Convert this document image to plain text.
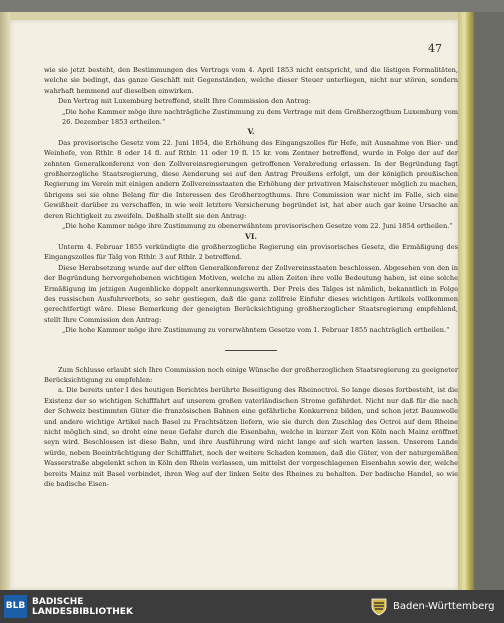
47

wie sie jetzt besteht, den Bestimmungen des Vertrags vom 4. April 1853 nicht entspricht, und die lästigen Formalitäten, welche sie bedingt, das ganze Geschäft mit Gegenständen, welche dieser Steuer unterliegen, nicht nur stören, sondern wahrhaft hemmend auf dieselben einwirken.

Den Vertrag mit Luxemburg betreffend, stellt Ihre Commission den Antrag:

„Die hohe Kammer möge ihre nachträgliche Zustimmung zu dem Vertrage mit dem Großherzogthum Luxemburg vom 26. Dezember 1853 ertheilen.“

V.

Das provisorische Gesetz vom 22. Juni 1854, die Erhöhung des Eingangszolles für Hefe, mit Ausnahme von Bier- und Weinhefe, von Rthlr. 8 oder 14 fl. auf Rthlr. 11 oder 19 fl. 15 kr. vom Zentner betreffend, wurde in Folge der auf der zehnten Generalkonferenz von den Zollvereinsregierungen getroffenen Verabredung erlassen. In der Begründung fagt großherzogliche Staatsregierung, diese Aenderung sei auf den Antrag Preußens erfolgt, um der königlich preußischen Regierung im Verein mit einigen andern Zollvereinsstaaten die Erhöhung der privativen Maischsteuer möglich zu machen, übrigens sei sie ohne Belang für die Interessen des Großherzogthums. Ihre Commission war nicht im Falle, sich eine Gewißheit darüber zu verschaffen, in wie weit letztere Versicherung begründet ist, hat aber auch gar keine Ursache an deren Richtigkeit zu zweifeln. Deßhalb stellt sie den Antrag:

„Die hohe Kammer möge ihre Zustimmung zu obenerwähntem provisorischen Gesetze vom 22. Juni 1854 ertheilen.“

VI.

Unterm 4. Februar 1855 verkündigte die großherzogliche Regierung ein provisorisches Gesetz, die Ermäßigung des Eingangszolles für Talg von Rthlr. 3 auf Rthlr. 2 betreffend.

Diese Herabsetzung wurde auf der elften Generalkonferenz der Zollvereinsstaaten beschlossen. Abgesehen von den in der Begründung hervorgehobenen wichtigen Motiven, welche zu allen Zeiten ihre volle Bedeutung haben, ist eine solche Ermäßigung im jetzigen Augenblicke doppelt anerkennungswerth. Der Preis des Talges ist nämlich, bekanntlich in Folge des russischen Ausfuhrverbots, so sehr gestiegen, daß die ganz zollfreie Einfuhr dieses wichtigen Artikels vollkommen gerechtfertigt wäre. Diese Bemerkung der geneigten Berücksichtigung großherzoglicher Staatsregierung empfehlend, stellt Ihre Commission den Antrag:

„Die hohe Kammer möge ihre Zustimmung zu vorerwähntem Gesetze vom 1. Februar 1855 nachträglich ertheilen.“

Zum Schlusse erlaubt sich Ihre Commission noch einige Wünsche der großherzoglichen Staatsregierung zu geeigneter Berücksichtigung zu empfehlen:

a. Die bereits unter I des heutigen Berichtes berührte Beseitigung des Rheinoctroi. So lange dieses fortbesteht, ist die Existenz der so wichtigen Schifffahrt auf unserem großen vaterländischen Strome gefährdet. Nicht nur daß für die nach der Schweiz bestimmten Güter die französischen Bahnen eine gefährliche Konkurrenz bilden, und schon jetzt Baumwolle und andere wichtige Artikel nach Basel zu Frachtsätzen liefern, wie sie durch den Zuschlag des Octroi auf dem Rheine nicht möglich sind, so droht eine neue Gefahr durch die Eisenbahn, welche in kurzer Zeit von Köln nach Mainz eröffnet seyn wird. Beschlossen ist diese Bahn, und ihre Ausführung wird nicht lange auf sich warten lassen. Unserem Lande würde, neben Beeinträchtigung der Schifffahrt, noch der weitere Schaden kommen, daß die Güter, von der naturgemäßen Wasserstraße abgelenkt schon in Köln den Rhein verlassen, um mittelst der vorgeschlagenen Eisenbahn sowie der, welche bereits Mainz mit Basel verbindet, ihren Weg auf der linken Seite des Rheines zu behalten. Der badische Handel, so wie die badische Eisen-

BLB BADISCHE
LANDESBIBLIOTHEK	Baden-Württemberg
